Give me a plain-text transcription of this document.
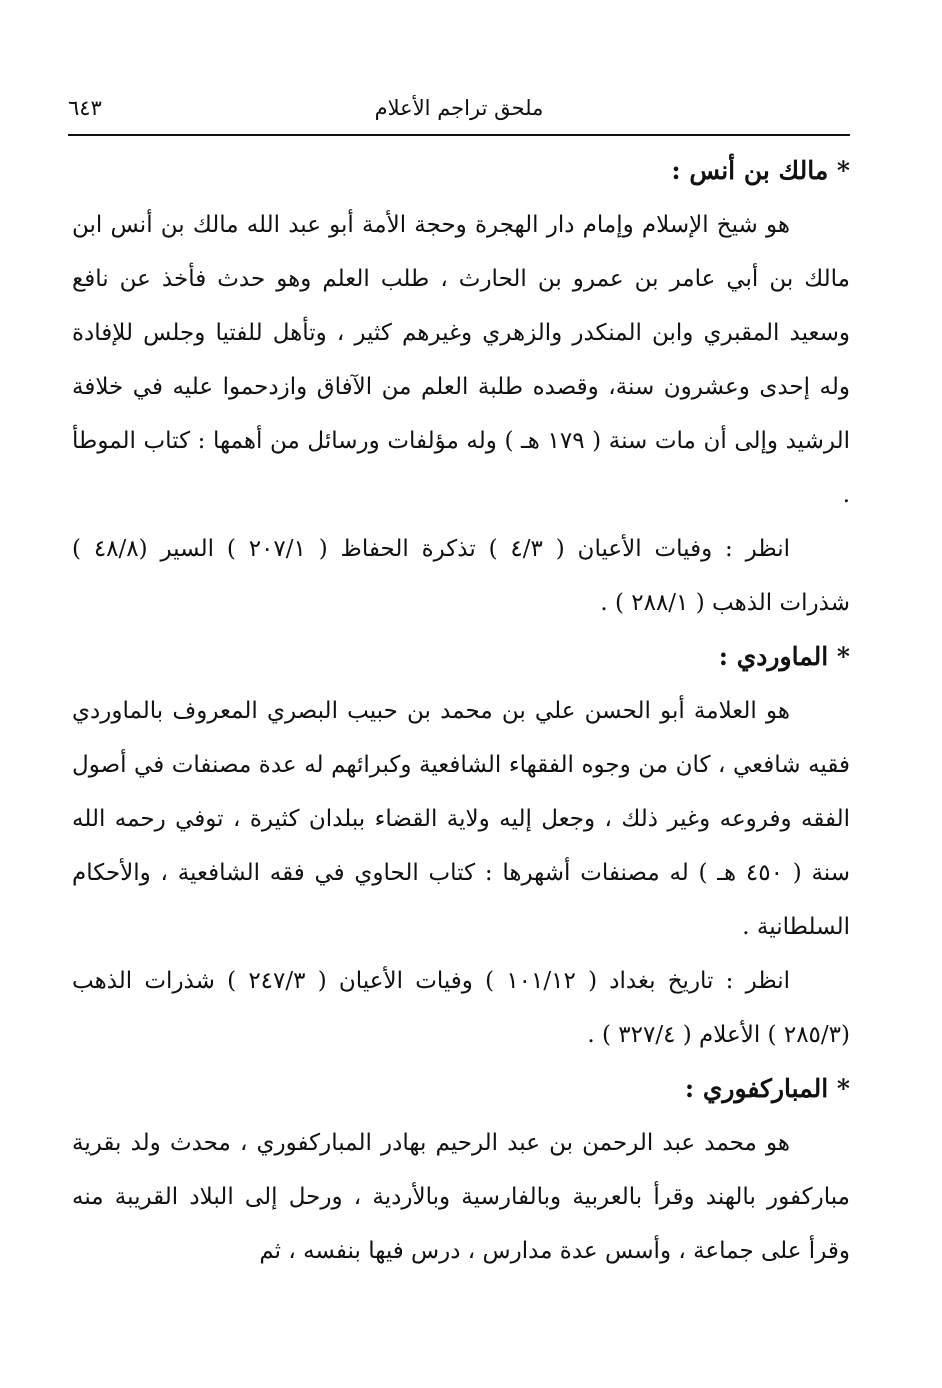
ملحق تراجم الأعلام
٦٤٣
* مالك بن أنس :

هو شيخ الإسلام وإمام دار الهجرة وحجة الأمة أبو عبد الله مالك بن أنس ابن مالك بن أبي عامر بن عمرو بن الحارث ، طلب العلم وهو حدث فأخذ عن نافع وسعيد المقبري وابن المنكدر والزهري وغيرهم كثير ، وتأهل للفتيا وجلس للإفادة وله إحدى وعشرون سنة، وقصده طلبة العلم من الآفاق وازدحموا عليه في خلافة الرشيد وإلى أن مات سنة ( ١٧٩ هـ ) وله مؤلفات ورسائل من أهمها : كتاب الموطأ .

انظر : وفيات الأعيان ( ٤/٣ ) تذكرة الحفاظ ( ٢٠٧/١ ) السير (٤٨/٨ ) شذرات الذهب ( ٢٨٨/١ ) .

* الماوردي :

هو العلامة أبو الحسن علي بن محمد بن حبيب البصري المعروف بالماوردي فقيه شافعي ، كان من وجوه الفقهاء الشافعية وكبرائهم له عدة مصنفات في أصول الفقه وفروعه وغير ذلك ، وجعل إليه ولاية القضاء ببلدان كثيرة ، توفي رحمه الله سنة ( ٤٥٠ هـ ) له مصنفات أشهرها : كتاب الحاوي في فقه الشافعية ، والأحكام السلطانية .

انظر : تاريخ بغداد ( ١٠١/١٢ ) وفيات الأعيان ( ٢٤٧/٣ ) شذرات الذهب (٢٨٥/٣ ) الأعلام ( ٣٢٧/٤ ) .

* المباركفوري :

هو محمد عبد الرحمن بن عبد الرحيم بهادر المباركفوري ، محدث ولد بقرية مباركفور بالهند وقرأ بالعربية وبالفارسية وبالأردية ، ورحل إلى البلاد القريبة منه وقرأ على جماعة ، وأسس عدة مدارس ، درس فيها بنفسه ، ثم
